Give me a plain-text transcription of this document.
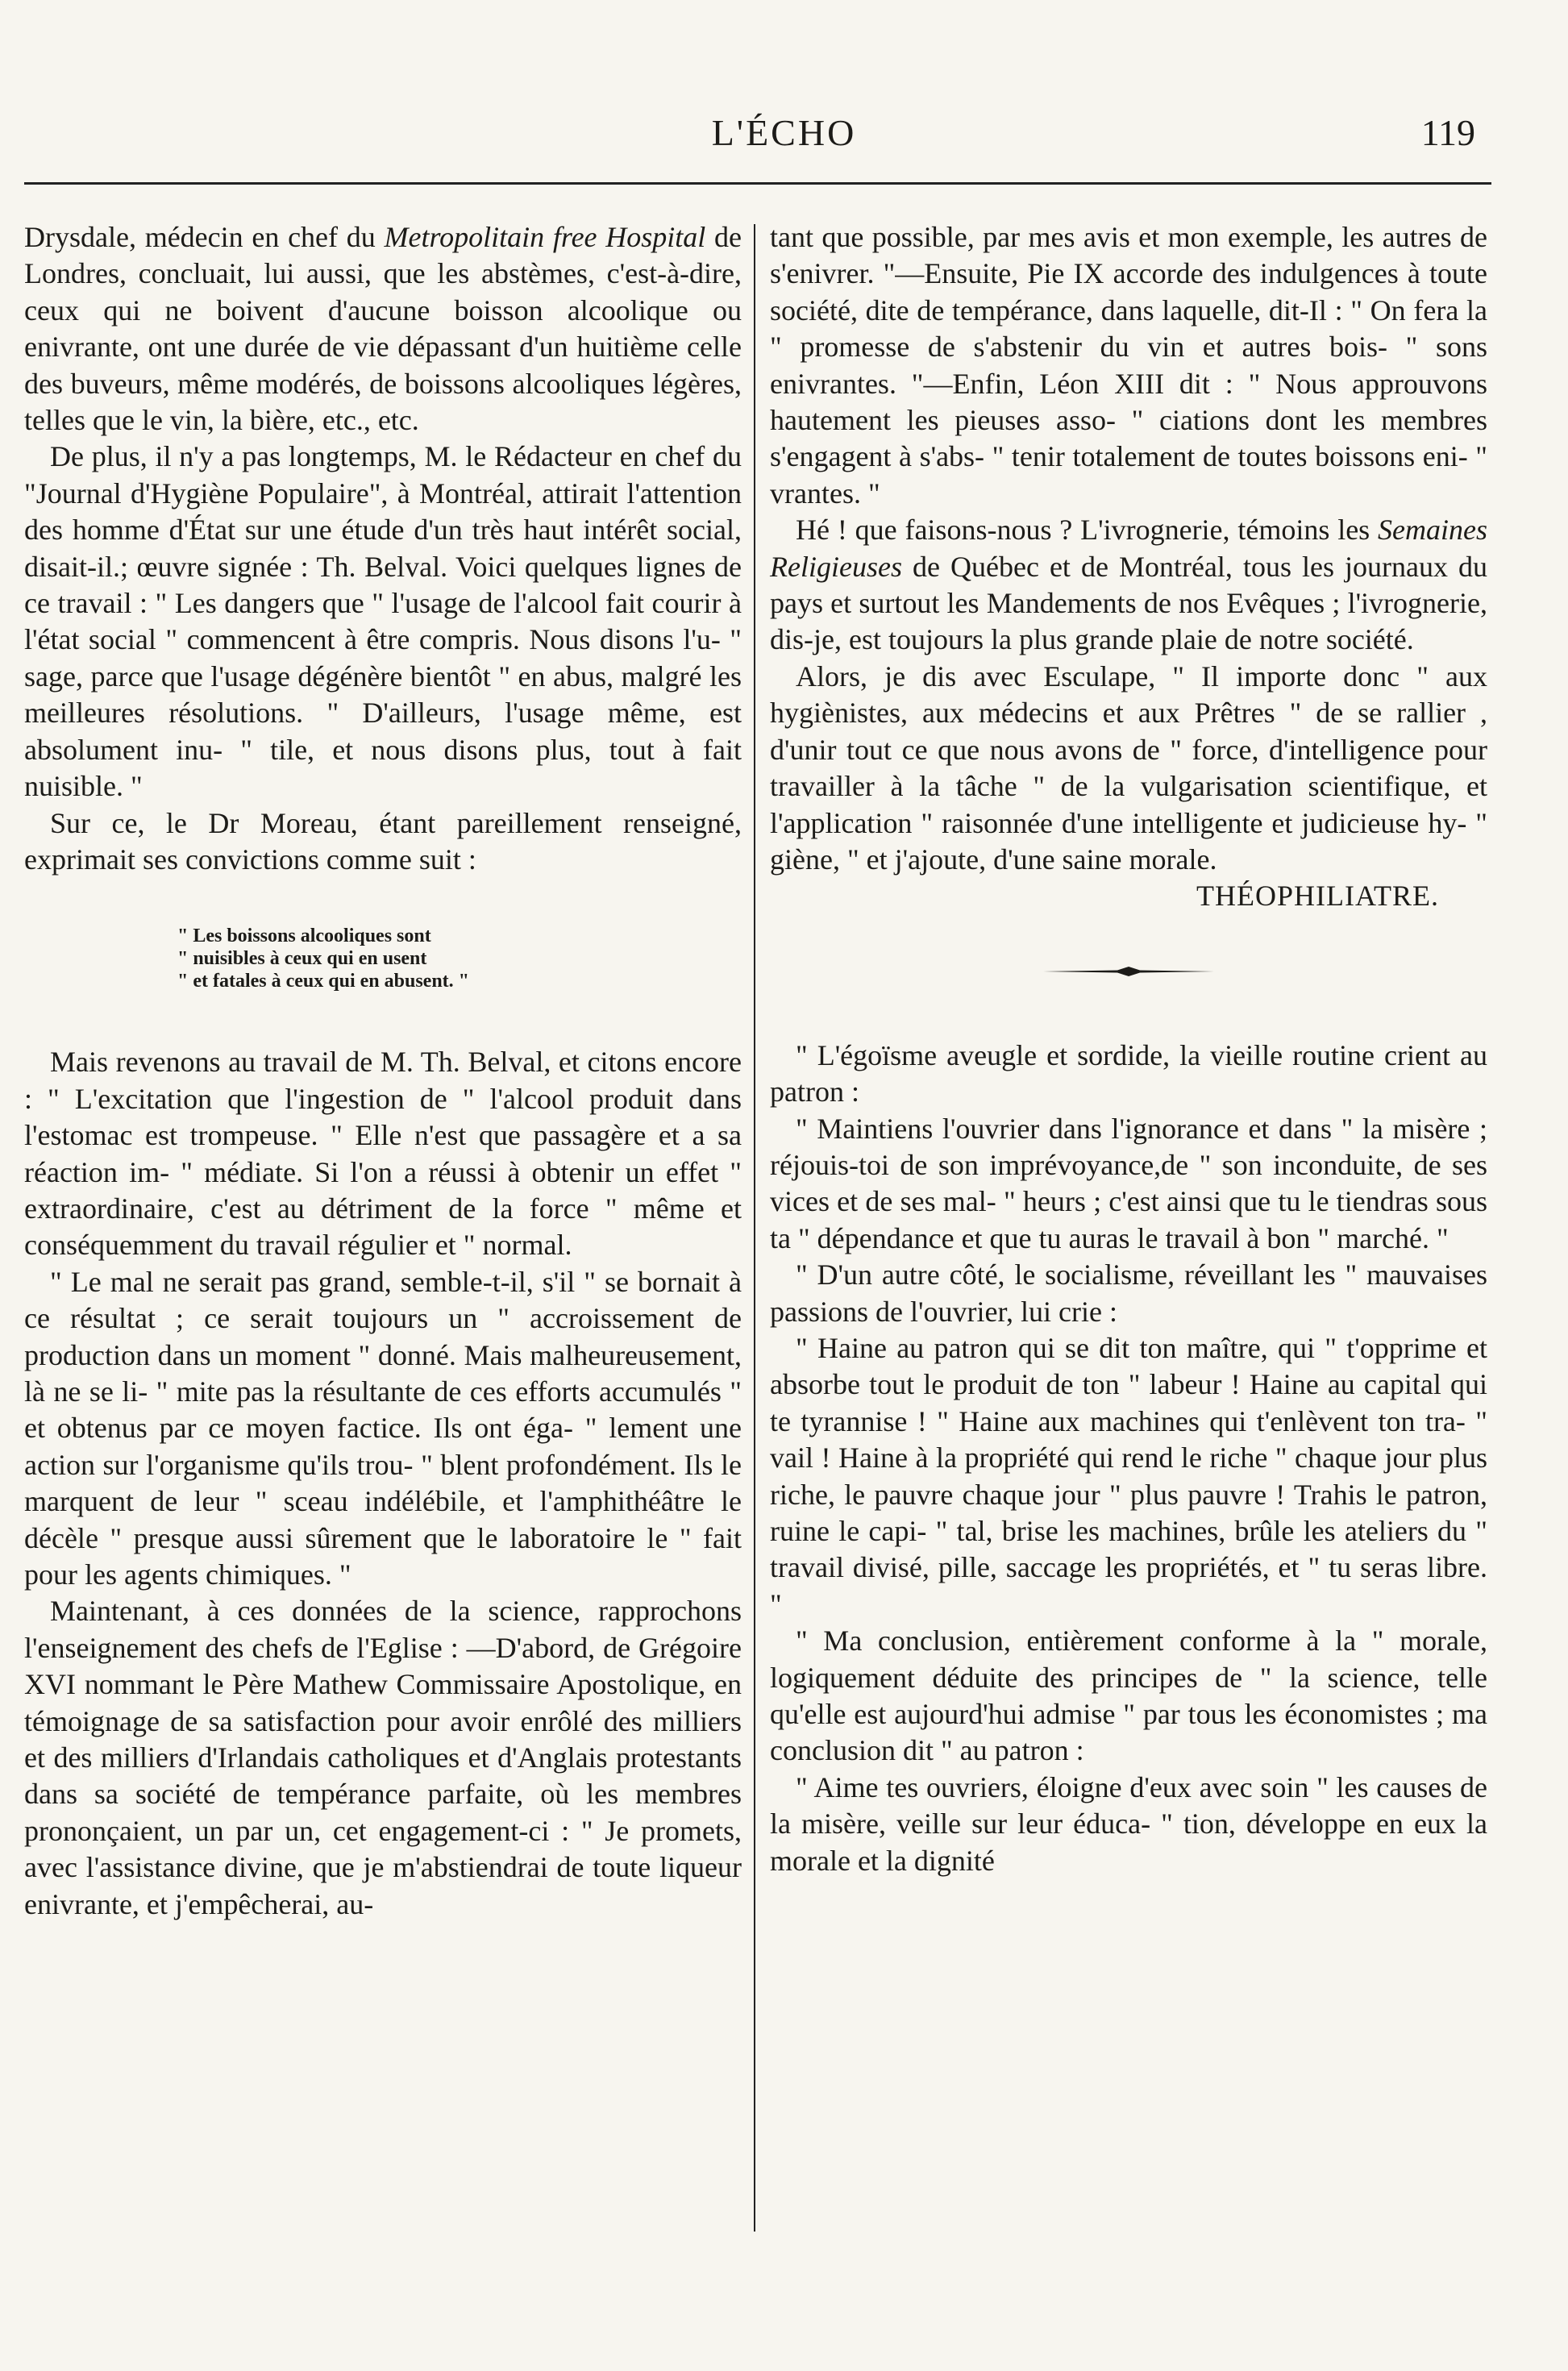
L'ÉCHO	119

Drysdale, médecin en chef du Metropolitain free Hospital de Londres, concluait, lui aussi, que les abstèmes, c'est-à-dire, ceux qui ne boivent d'aucune boisson alcoolique ou enivrante, ont une durée de vie dépassant d'un huitième celle des buveurs, même modérés, de boissons alcooliques légères, telles que le vin, la bière, etc., etc.

De plus, il n'y a pas longtemps, M. le Rédacteur en chef du "Journal d'Hygiène Populaire", à Montréal, attirait l'attention des homme d'État sur une étude d'un très haut intérêt social, disait-il.; œuvre signée : Th. Belval. Voici quelques lignes de ce travail : " Les dangers que " l'usage de l'alcool fait courir à l'état social " commencent à être compris. Nous disons l'u- " sage, parce que l'usage dégénère bientôt " en abus, malgré les meilleures résolutions. " D'ailleurs, l'usage même, est absolument inu- " tile, et nous disons plus, tout à fait nuisible. "

Sur ce, le Dr Moreau, étant pareillement renseigné, exprimait ses convictions comme suit :

" Les boissons alcooliques sont
" nuisibles à ceux qui en usent
" et fatales à ceux qui en abusent. "

Mais revenons au travail de M. Th. Belval, et citons encore : " L'excitation que l'ingestion de " l'alcool produit dans l'estomac est trompeuse. " Elle n'est que passagère et a sa réaction im- " médiate. Si l'on a réussi à obtenir un effet " extraordinaire, c'est au détriment de la force " même et conséquemment du travail régulier et " normal.

" Le mal ne serait pas grand, semble-t-il, s'il " se bornait à ce résultat ; ce serait toujours un " accroissement de production dans un moment " donné. Mais malheureusement, là ne se li- " mite pas la résultante de ces efforts accumulés " et obtenus par ce moyen factice. Ils ont éga- " lement une action sur l'organisme qu'ils trou- " blent profondément. Ils le marquent de leur " sceau indélébile, et l'amphithéâtre le décèle " presque aussi sûrement que le laboratoire le " fait pour les agents chimiques. "

Maintenant, à ces données de la science, rapprochons l'enseignement des chefs de l'Eglise : —D'abord, de Grégoire XVI nommant le Père Mathew Commissaire Apostolique, en témoignage de sa satisfaction pour avoir enrôlé des milliers et des milliers d'Irlandais catholiques et d'Anglais protestants dans sa société de tempérance parfaite, où les membres prononçaient, un par un, cet engagement-ci : " Je promets, avec l'assistance divine, que je m'abstiendrai de toute liqueur enivrante, et j'empêcherai, au-

tant que possible, par mes avis et mon exemple, les autres de s'enivrer. "—Ensuite, Pie IX accorde des indulgences à toute société, dite de tempérance, dans laquelle, dit-Il : " On fera la " promesse de s'abstenir du vin et autres bois- " sons enivrantes. "—Enfin, Léon XIII dit : " Nous approuvons hautement les pieuses asso- " ciations dont les membres s'engagent à s'abs- " tenir totalement de toutes boissons eni- " vrantes. "

Hé ! que faisons-nous ? L'ivrognerie, témoins les Semaines Religieuses de Québec et de Montréal, tous les journaux du pays et surtout les Mandements de nos Evêques ; l'ivrognerie, dis-je, est toujours la plus grande plaie de notre société.

Alors, je dis avec Esculape, " Il importe donc " aux hygiènistes, aux médecins et aux Prêtres " de se rallier , d'unir tout ce que nous avons de " force, d'intelligence pour travailler à la tâche " de la vulgarisation scientifique, et l'application " raisonnée d'une intelligente et judicieuse hy- " giène, " et j'ajoute, d'une saine morale.

THÉOPHILIATRE.

" L'égoïsme aveugle et sordide, la vieille routine crient au patron :

" Maintiens l'ouvrier dans l'ignorance et dans " la misère ; réjouis-toi de son imprévoyance,de " son inconduite, de ses vices et de ses mal- " heurs ; c'est ainsi que tu le tiendras sous ta " dépendance et que tu auras le travail à bon " marché. "

" D'un autre côté, le socialisme, réveillant les " mauvaises passions de l'ouvrier, lui crie :

" Haine au patron qui se dit ton maître, qui " t'opprime et absorbe tout le produit de ton " labeur ! Haine au capital qui te tyrannise ! " Haine aux machines qui t'enlèvent ton tra- " vail ! Haine à la propriété qui rend le riche " chaque jour plus riche, le pauvre chaque jour " plus pauvre ! Trahis le patron, ruine le capi- " tal, brise les machines, brûle les ateliers du " travail divisé, pille, saccage les propriétés, et " tu seras libre. "

" Ma conclusion, entièrement conforme à la " morale, logiquement déduite des principes de " la science, telle qu'elle est aujourd'hui admise " par tous les économistes ; ma conclusion dit " au patron :

" Aime tes ouvriers, éloigne d'eux avec soin " les causes de la misère, veille sur leur éduca- " tion, développe en eux la morale et la dignité
